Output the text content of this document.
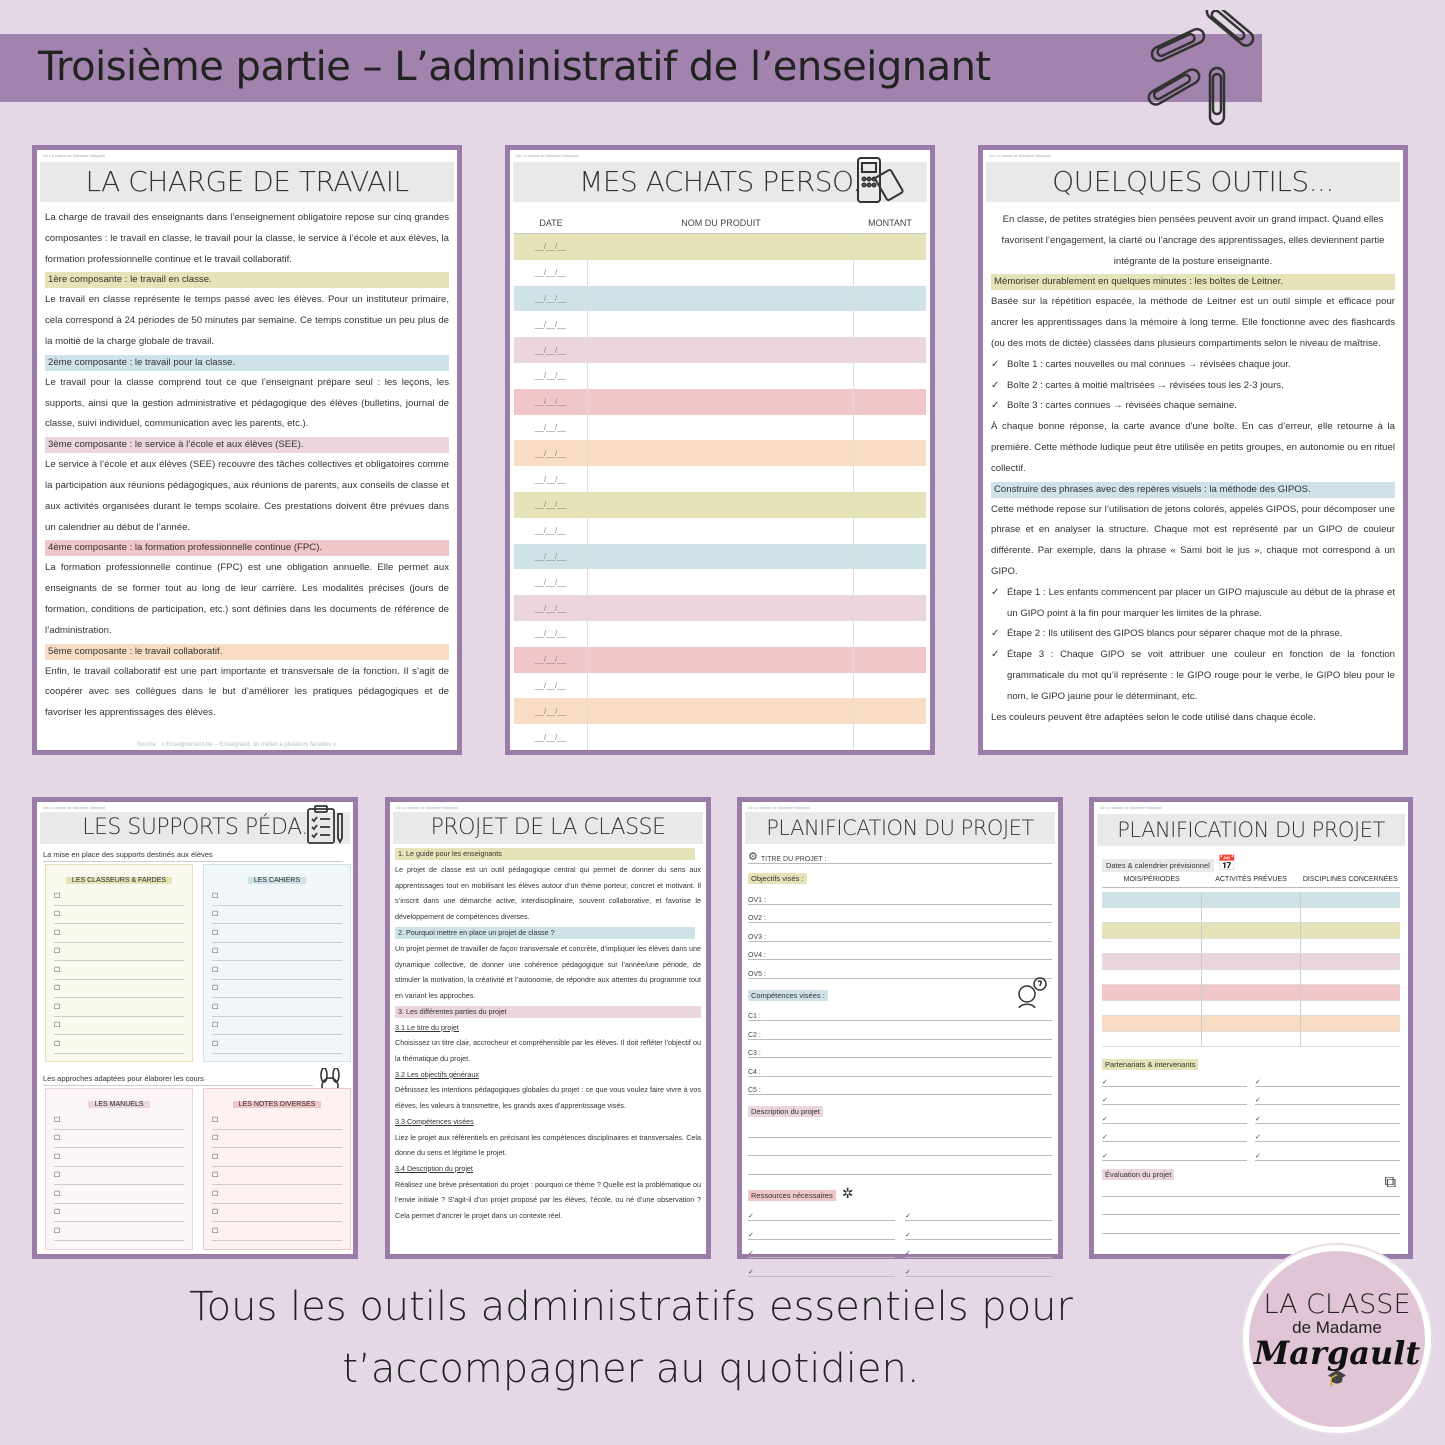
Troisième partie – L’administratif de l’enseignant
De La classe de Madame Margault
LA CHARGE DE TRAVAIL

La charge de travail des enseignants dans l’enseignement obligatoire repose sur cinq grandes composantes : le travail en classe, le travail pour la classe, le service à l’école et aux élèves, la formation professionnelle continue et le travail collaboratif.

1ère composante : le travail en classe.

Le travail en classe représente le temps passé avec les élèves. Pour un instituteur primaire, cela correspond à 24 périodes de 50 minutes par semaine. Ce temps constitue un peu plus de la moitié de la charge globale de travail.

2ème composante : le travail pour la classe.

Le travail pour la classe comprend tout ce que l’enseignant prépare seul : les leçons, les supports, ainsi que la gestion administrative et pédagogique des élèves (bulletins, journal de classe, suivi individuel, communication avec les parents, etc.).

3ème composante : le service à l’école et aux élèves (SEE).

Le service à l’école et aux élèves (SEE) recouvre des tâches collectives et obligatoires comme la participation aux réunions pédagogiques, aux réunions de parents, aux conseils de classe et aux activités organisées durant le temps scolaire. Ces prestations doivent être prévues dans un calendrier au début de l’année.

4ème composante : la formation professionnelle continue (FPC).

La formation professionnelle continue (FPC) est une obligation annuelle. Elle permet aux enseignants de se former tout au long de leur carrière. Les modalités précises (jours de formation, conditions de participation, etc.) sont définies dans les documents de référence de l’administration.

5ème composante : le travail collaboratif.

Enfin, le travail collaboratif est une part importante et transversale de la fonction. Il s’agit de coopérer avec ses collègues dans le but d’améliorer les pratiques pédagogiques et de favoriser les apprentissages des élèves.

Source : « Enseignement.be – Enseignant, un métier à plusieurs facettes »
De La classe de Madame Margault
MES ACHATS PERSO.
DATE	NOM DU PRODUIT	MONTANT
__/__/__
__/__/__
__/__/__
__/__/__
__/__/__
__/__/__
__/__/__
__/__/__
__/__/__
__/__/__
__/__/__
__/__/__
__/__/__
__/__/__
__/__/__
__/__/__
__/__/__
__/__/__
__/__/__
__/__/__
De La classe de Madame Margault
QUELQUES OUTILS...

En classe, de petites stratégies bien pensées peuvent avoir un grand impact. Quand elles favorisent l’engagement, la clarté ou l’ancrage des apprentissages, elles deviennent partie intégrante de la posture enseignante.

Mémoriser durablement en quelques minutes : les boîtes de Leitner.

Basée sur la répétition espacée, la méthode de Leitner est un outil simple et efficace pour ancrer les apprentissages dans la mémoire à long terme. Elle fonctionne avec des flashcards (ou des mots de dictée) classées dans plusieurs compartiments selon le niveau de maîtrise.

✓ Boîte 1 : cartes nouvelles ou mal connues → révisées chaque jour.

✓ Boîte 2 : cartes à moitié maîtrisées → révisées tous les 2-3 jours.

✓ Boîte 3 : cartes connues → révisées chaque semaine.

À chaque bonne réponse, la carte avance d’une boîte. En cas d’erreur, elle retourne à la première. Cette méthode ludique peut être utilisée en petits groupes, en autonomie ou en rituel collectif.

Construire des phrases avec des repères visuels : la méthode des GIPOS.

Cette méthode repose sur l’utilisation de jetons colorés, appelés GIPOS, pour décomposer une phrase et en analyser la structure. Chaque mot est représenté par un GIPO de couleur différente. Par exemple, dans la phrase « Sami boit le jus », chaque mot correspond à un GIPO.

✓ Étape 1 : Les enfants commencent par placer un GIPO majuscule au début de la phrase et un GIPO point à la fin pour marquer les limites de la phrase.

✓ Étape 2 : Ils utilisent des GIPOS blancs pour séparer chaque mot de la phrase.

✓ Étape 3 : Chaque GIPO se voit attribuer une couleur en fonction de la fonction grammaticale du mot qu’il représente : le GIPO rouge pour le verbe, le GIPO bleu pour le nom, le GIPO jaune pour le déterminant, etc.

Les couleurs peuvent être adaptées selon le code utilisé dans chaque école.

De La classe de Madame Margault
LES SUPPORTS PÉDA.
La mise en place des supports destinés aux élèves
LES CLASSEURS & FARDES
☐
☐
☐
☐
☐
☐
☐
☐
☐
LES CAHIERS
☐
☐
☐
☐
☐
☐
☐
☐
☐
Les approches adaptées pour élaborer les cours
LES MANUELS
☐
☐
☐
☐
☐
☐
☐
LES NOTES DIVERSES
☐
☐
☐
☐
☐
☐
☐
De La classe de Madame Margault
PROJET DE LA CLASSE
1. Le guide pour les enseignants

Le projet de classe est un outil pédagogique central qui permet de donner du sens aux apprentissages tout en mobilisant les élèves autour d’un thème porteur, concret et motivant. Il s’inscrit dans une démarche active, interdisciplinaire, souvent collaborative, et favorise le développement de compétences diverses.

2. Pourquoi mettre en place un projet de classe ?

Un projet permet de travailler de façon transversale et concrète, d’impliquer les élèves dans une dynamique collective, de donner une cohérence pédagogique sur l’année/une période, de stimuler la motivation, la créativité et l’autonomie, de répondre aux attentes du programme tout en variant les approches.

3. Les différentes parties du projet

3.1 Le titre du projet

Choisissez un titre clair, accrocheur et compréhensible par les élèves. Il doit refléter l’objectif ou la thématique du projet.

3.2 Les objectifs généraux

Définissez les intentions pédagogiques globales du projet : ce que vous voulez faire vivre à vos élèves, les valeurs à transmettre, les grands axes d’apprentissage visés.

3.3 Compétences visées

Liez le projet aux référentiels en précisant les compétences disciplinaires et transversales. Cela donne du sens et légitime le projet.

3.4 Description du projet

Réalisez une brève présentation du projet : pourquoi ce thème ? Quelle est la problématique ou l’envie initiale ? S’agit-il d’un projet proposé par les élèves, l’école, ou né d’une observation ? Cela permet d’ancrer le projet dans un contexte réel.

De La classe de Madame Margault
PLANIFICATION DU PROJET
⚙ TITRE DU PROJET :
Objectifs visés :
OV1 :
OV2 :
OV3 :
OV4 :
OV5 :
Compétences visées :
C1 :
C2 :
C3 :
C4 :
C5 :
Description du projet
Ressources nécessaires ✲
✓
✓
✓
✓
✓
✓
✓
✓
De La classe de Madame Margault
PLANIFICATION DU PROJET
Dates & calendrier prévisionnel 📅
MOIS/PÉRIODES	ACTIVITÉS PRÉVUES	DISCIPLINES CONCERNÉES
Partenariats & intervenants
✓
✓
✓
✓
✓
✓
✓
✓
✓
✓
Évaluation du projet	⧉
Tous les outils administratifs essentiels pour
t’accompagner au quotidien.
LA CLASSE
de Madame
Margault
🎓
